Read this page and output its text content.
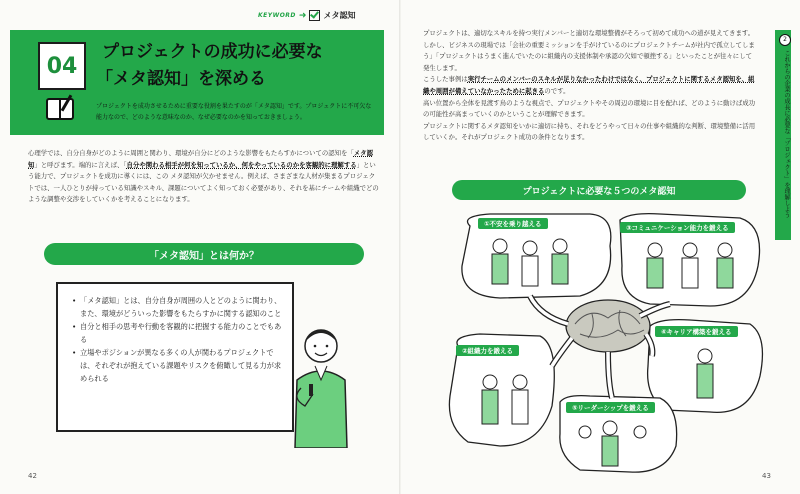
KEYWORD ➜ メタ認知
04
プロジェクトの成功に必要な
「メタ認知」を深める
プロジェクトを成功させるために重要な役割を果たすのが「メタ認知」です。プロジェクトに不可欠な能力なので、どのような意味なのか、なぜ必要なのかを知っておきましょう。
心理学では、自分自身がどのように周囲と関わり、環境が自分にどのような影響をもたらすかについての認知を「メタ認知」と呼びます。端的に言えば、「自分や関わる相手が何を知っているか、何をやっているのかを客観的に理解する」という能力で、プロジェクトを成功に導くには、この メタ認知が欠かせません。例えば、さまざまな人材が集まるプロジェクトでは、一人ひとりが持っている知識やスキル、課題についてよく知っておく必要があり、それを基にチームや組織でどのような調整や交渉をしていくかを考えることになります。
「メタ認知」とは何か？
• 「メタ認知」とは、自分自身が周囲の人とどのように関わり、また、環境がどういった影響をもたらすかに関する認知のこと
• 自分と相手の思考や行動を客観的に把握する能力のことでもある
• 立場やポジションが異なる多くの人が関わるプロジェクトでは、それぞれが抱えている課題やリスクを俯瞰して見る力が求められる
42
プロジェクトは、適切なスキルを持つ実行メンバーと適切な環境整備がそろって初めて成功への道が見えてきます。しかし、ビジネスの現場では「会社の重要ミッションを手がけているのにプロジェクトチームが社内で孤立してしまう」「プロジェクトはうまく進んでいたのに組織内の支援体制や承認の欠如で頓挫する」といったことが往々にして発生します。
こうした事例は実行チームのメンバーのスキルが足りなかったわけではなく、プロジェクトに関するメタ認知を、組織や周囲が備えていなかったために起きるのです。
高い位置から全体を見渡す鳥のような視点で、プロジェクトやその周辺の環境に目を配れば、どのように動けば成功の可能性が高まっていくのかということが理解できます。
プロジェクトに関するメタ認知をいかに適切に持ち、それをどうやって日々の仕事や組織的な判断、環境整備に活用していくか。それがプロジェクト成功の条件となります。
2
これからの企業の成長に必要な「プロジェクト」を理解しよう
プロジェクトに必要な５つのメタ認知
①不安を乗り越える	③コミュニケーション能力を鍛える
②組織力を鍛える
④キャリア構築を鍛える
⑤リーダーシップを鍛える
43
